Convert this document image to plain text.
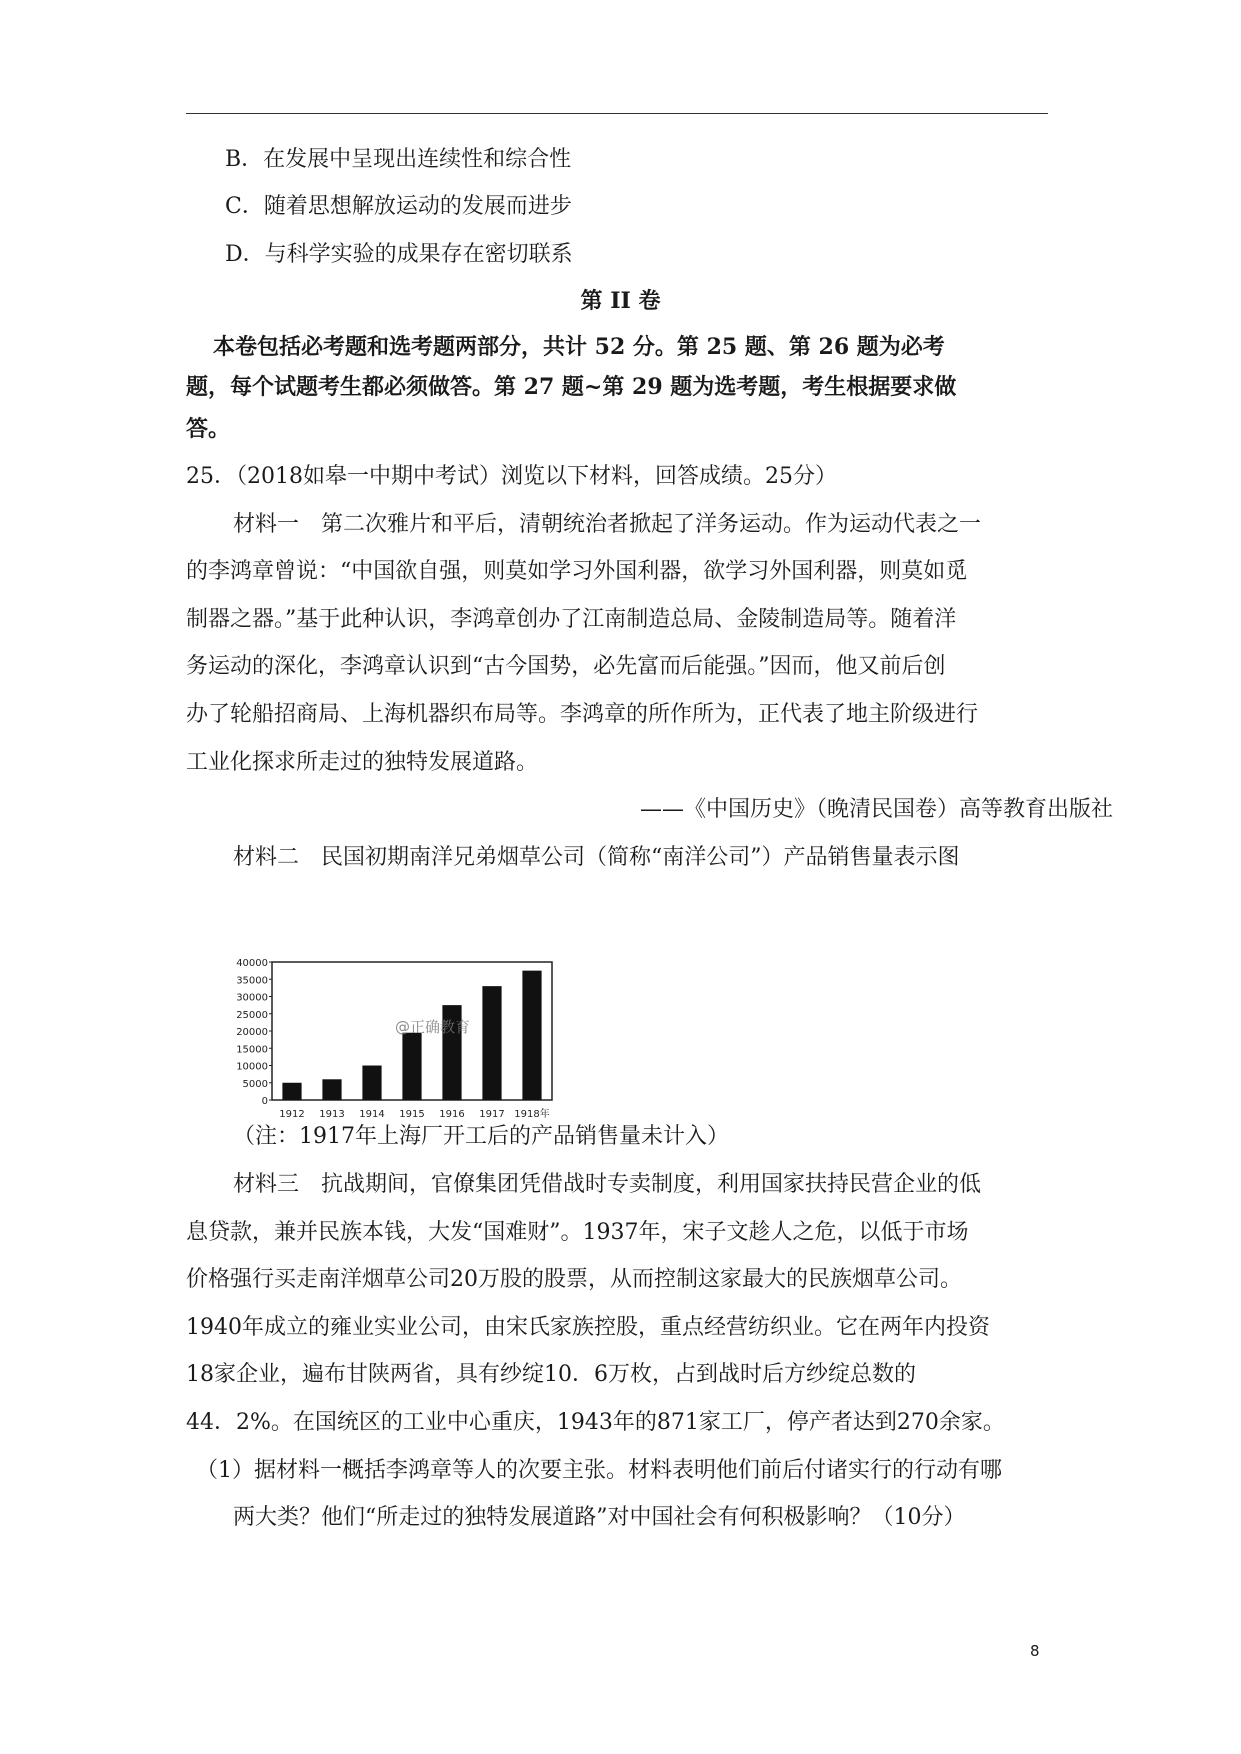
B．在发展中呈现出连续性和综合性
C．随着思想解放运动的发展而进步
D．与科学实验的成果存在密切联系
第 II 卷
本卷包括必考题和选考题两部分，共计 52 分。第 25 题、第 26 题为必考
题，每个试题考生都必须做答。第 27 题~第 29 题为选考题，考生根据要求做
答。
25．（2018如皋一中期中考试）浏览以下材料，回答成绩。25分）
材料一　第二次雅片和平后，清朝统治者掀起了洋务运动。作为运动代表之一
的李鸿章曾说：“中国欲自强，则莫如学习外国利器，欲学习外国利器，则莫如觅
制器之器。”基于此种认识，李鸿章创办了江南制造总局、金陵制造局等。随着洋
务运动的深化，李鸿章认识到“古今国势，必先富而后能强。”因而，他又前后创
办了轮船招商局、上海机器织布局等。李鸿章的所作所为，正代表了地主阶级进行
工业化探求所走过的独特发展道路。
——《中国历史》（晚清民国卷）高等教育出版社
材料二　民国初期南洋兄弟烟草公司（简称“南洋公司”）产品销售量表示图
0
5000
10000
15000
20000
25000
30000
35000
40000
1912 1913 1914 1915 1916 1917 1918年
@正确教育
（注：1917年上海厂开工后的产品销售量未计入）
材料三　抗战期间，官僚集团凭借战时专卖制度，利用国家扶持民营企业的低
息贷款，兼并民族本钱，大发“国难财”。1937年，宋子文趁人之危，以低于市场
价格强行买走南洋烟草公司20万股的股票，从而控制这家最大的民族烟草公司。
1940年成立的雍业实业公司，由宋氏家族控股，重点经营纺织业。它在两年内投资
18家企业，遍布甘陕两省，具有纱绽10．6万枚，占到战时后方纱绽总数的
44．2%。在国统区的工业中心重庆，1943年的871家工厂，停产者达到270余家。
（1）据材料一概括李鸿章等人的次要主张。材料表明他们前后付诸实行的行动有哪
两大类？他们“所走过的独特发展道路”对中国社会有何积极影响？（10分）
8
